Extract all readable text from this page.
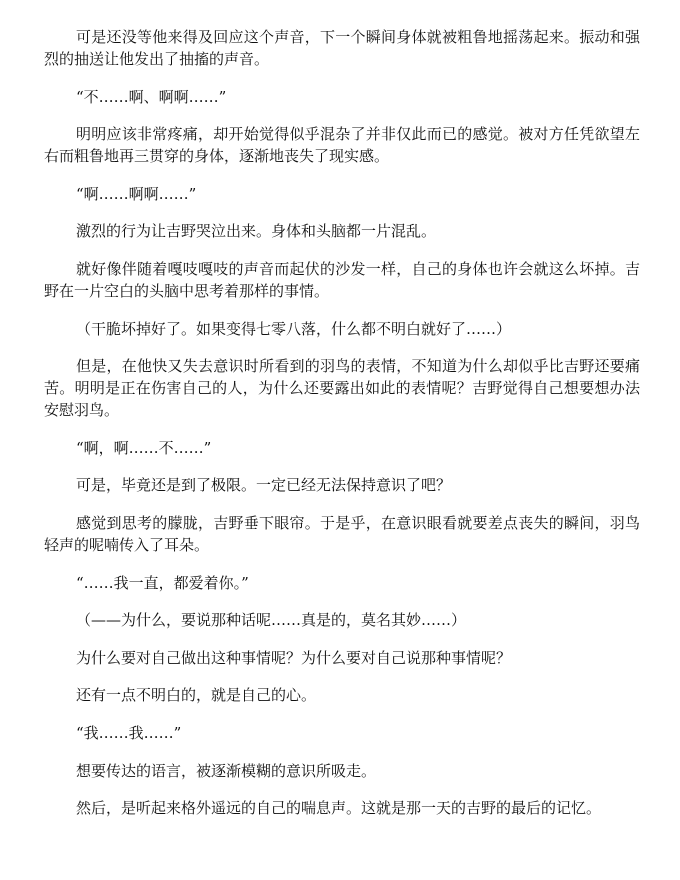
可是还没等他来得及回应这个声音，下一个瞬间身体就被粗鲁地摇荡起来。振动和强烈的抽送让他发出了抽搐的声音。

“不……啊、啊啊……”

明明应该非常疼痛，却开始觉得似乎混杂了并非仅此而已的感觉。被对方任凭欲望左右而粗鲁地再三贯穿的身体，逐渐地丧失了现实感。

“啊……啊啊……”

激烈的行为让吉野哭泣出来。身体和头脑都一片混乱。

就好像伴随着嘎吱嘎吱的声音而起伏的沙发一样，自己的身体也许会就这么坏掉。吉野在一片空白的头脑中思考着那样的事情。

（干脆坏掉好了。如果变得七零八落，什么都不明白就好了……）

但是，在他快又失去意识时所看到的羽鸟的表情，不知道为什么却似乎比吉野还要痛苦。明明是正在伤害自己的人，为什么还要露出如此的表情呢？吉野觉得自己想要想办法安慰羽鸟。

“啊，啊……不……”

可是，毕竟还是到了极限。一定已经无法保持意识了吧？

感觉到思考的朦胧，吉野垂下眼帘。于是乎，在意识眼看就要差点丧失的瞬间，羽鸟轻声的呢喃传入了耳朵。

“……我一直，都爱着你。”

（——为什么，要说那种话呢……真是的，莫名其妙……）

为什么要对自己做出这种事情呢？为什么要对自己说那种事情呢？

还有一点不明白的，就是自己的心。

“我……我……”

想要传达的语言，被逐渐模糊的意识所吸走。

然后，是听起来格外遥远的自己的喘息声。这就是那一天的吉野的最后的记忆。
